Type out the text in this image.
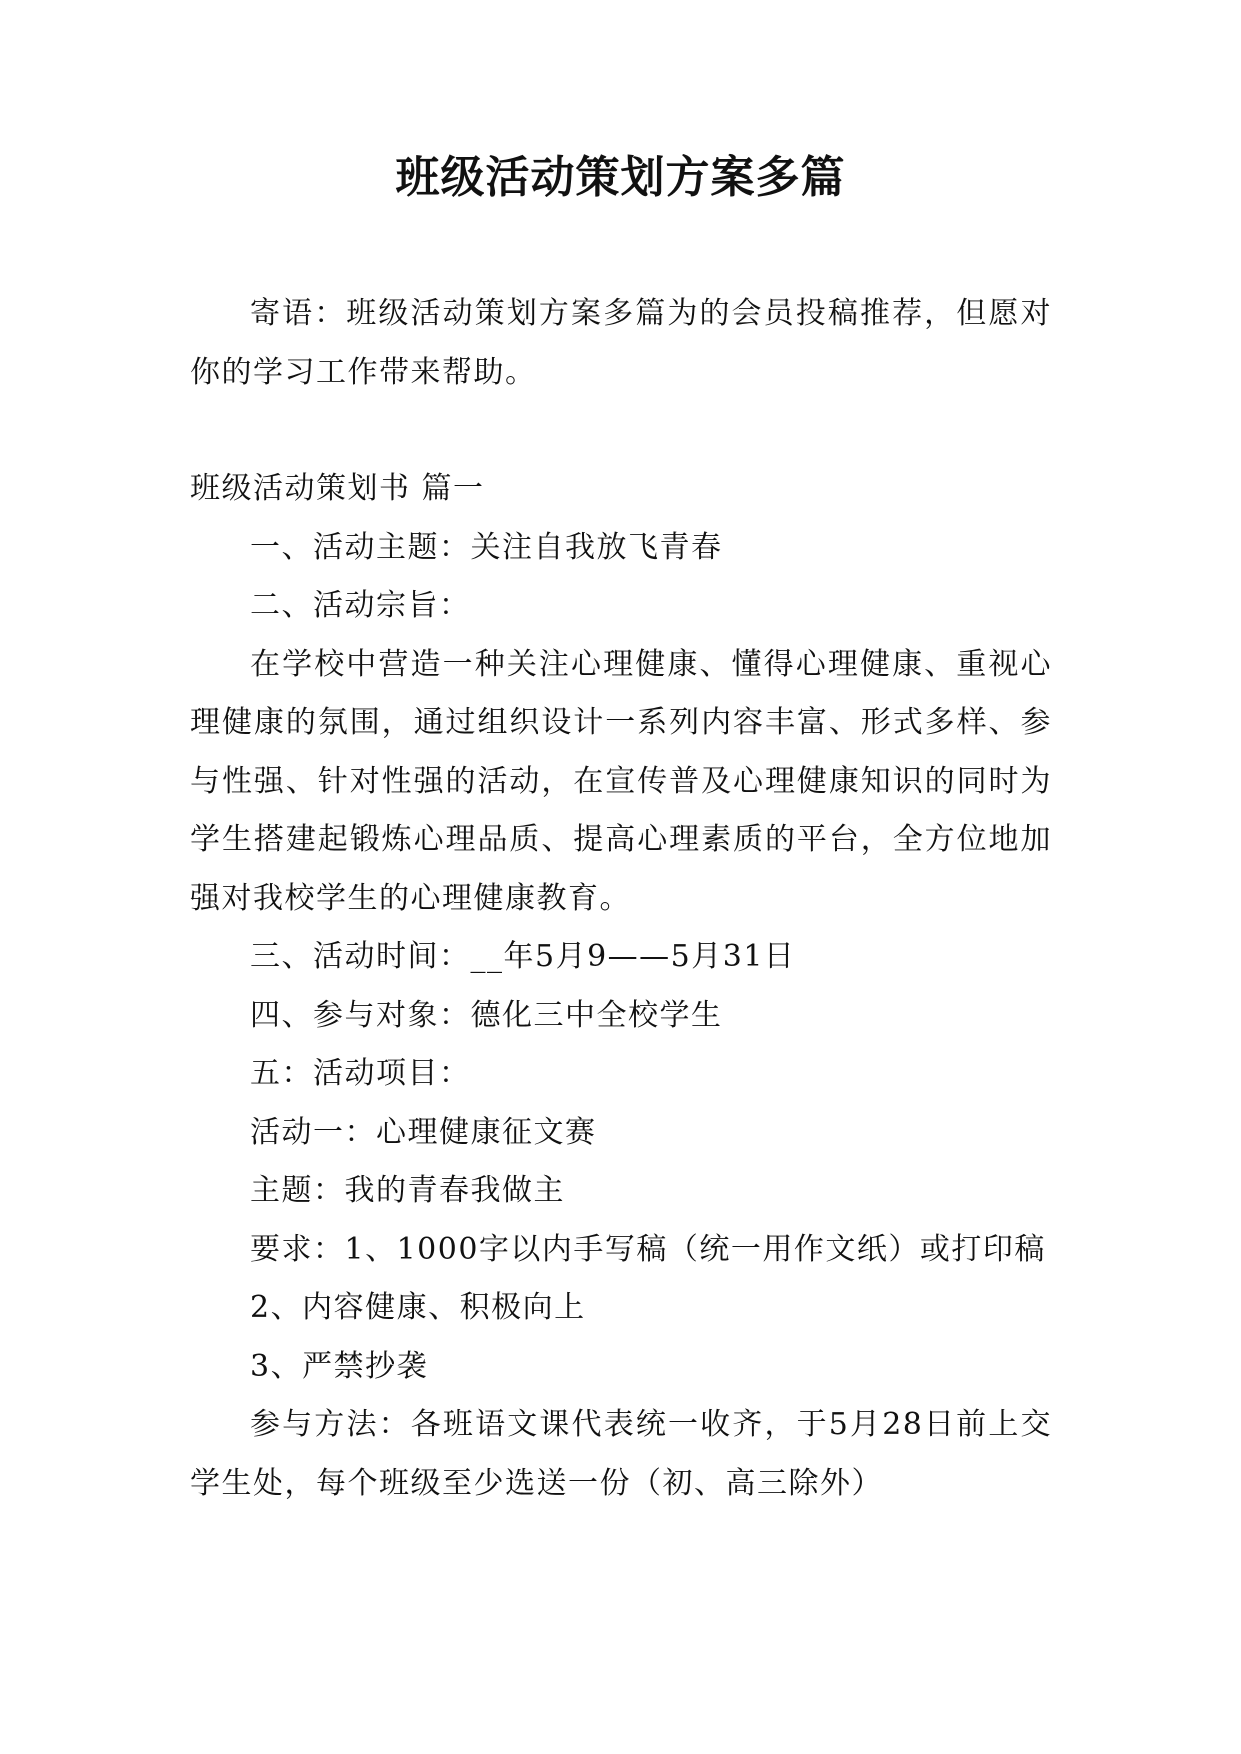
班级活动策划方案多篇

寄语：班级活动策划方案多篇为的会员投稿推荐，但愿对你的学习工作带来帮助。

班级活动策划书 篇一

一、活动主题：关注自我放飞青春

二、活动宗旨：

在学校中营造一种关注心理健康、懂得心理健康、重视心理健康的氛围，通过组织设计一系列内容丰富、形式多样、参与性强、针对性强的活动，在宣传普及心理健康知识的同时为学生搭建起锻炼心理品质、提高心理素质的平台，全方位地加强对我校学生的心理健康教育。

三、活动时间：__年5月9——5月31日

四、参与对象：德化三中全校学生

五：活动项目：

活动一：心理健康征文赛

主题：我的青春我做主

要求：1、1000字以内手写稿（统一用作文纸）或打印稿

2、内容健康、积极向上

3、严禁抄袭

参与方法：各班语文课代表统一收齐，于5月28日前上交学生处，每个班级至少选送一份（初、高三除外）
